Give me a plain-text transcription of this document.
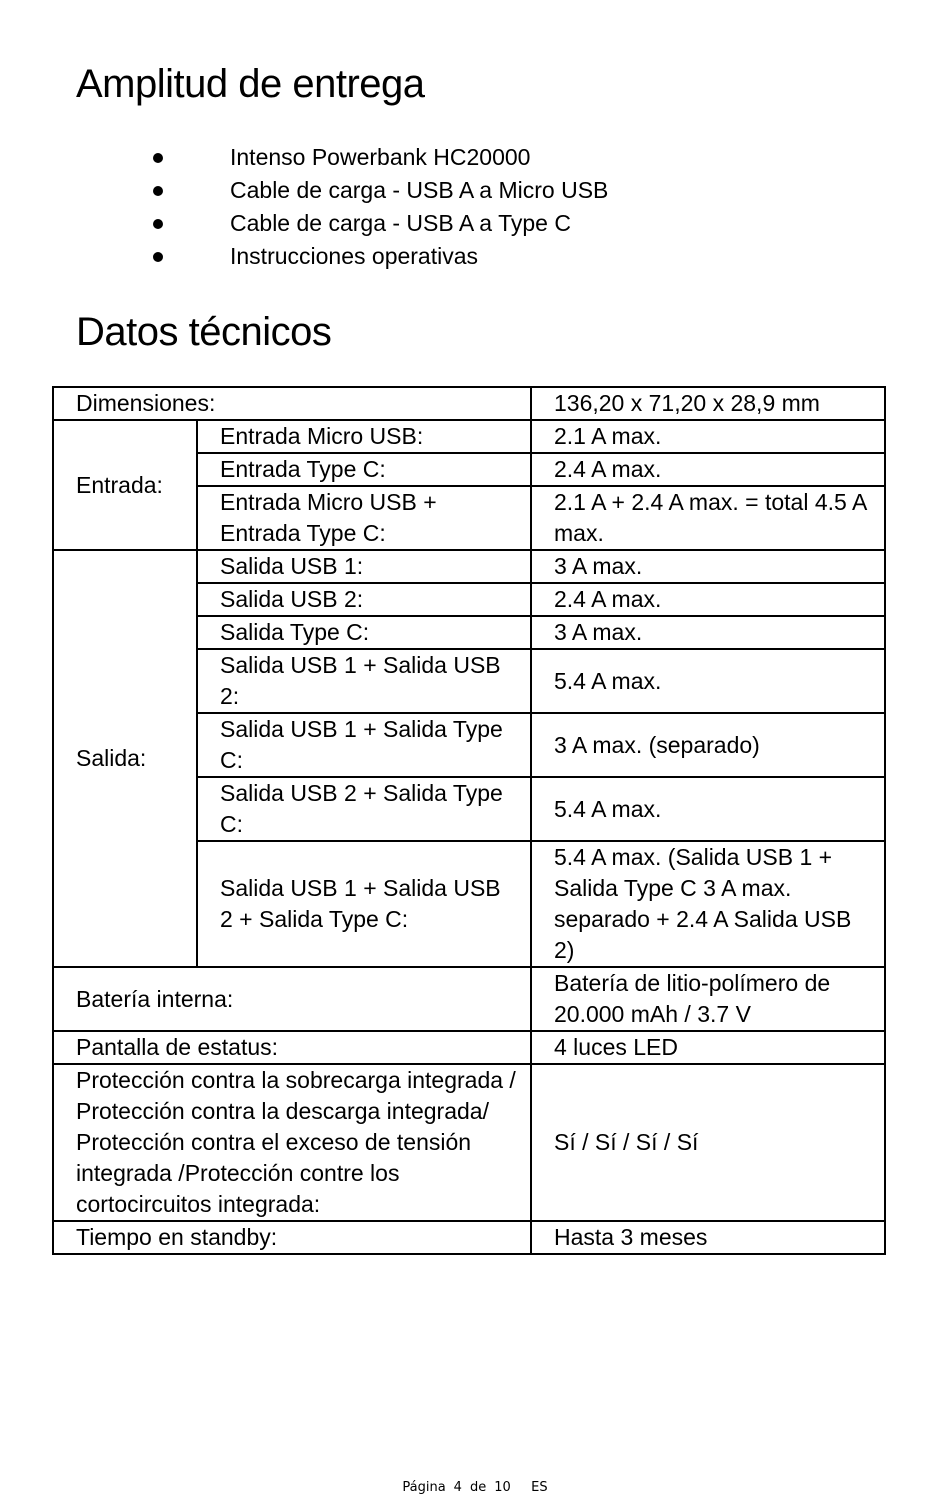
Amplitud de entrega
Intenso Powerbank HC20000
Cable de carga - USB A a Micro USB
Cable de carga - USB A a Type C
Instrucciones operativas
Datos técnicos
Dimensiones:		136,20 x 71,20 x 28,9 mm
Entrada:	Entrada Micro USB:	2.1 A max.
	Entrada Type C:	2.4 A max.
	Entrada Micro USB + Entrada Type C:	2.1 A + 2.4 A max. = total 4.5 A max.
Salida:	Salida USB 1:	3 A max.
	Salida USB 2:	2.4 A max.
	Salida Type C:	3 A max.
	Salida USB 1 + Salida USB 2:	5.4 A max.
	Salida USB 1 + Salida Type C:	3 A max. (separado)
	Salida USB 2 + Salida Type C:	5.4 A max.
	Salida USB 1 + Salida USB 2 + Salida Type C:	5.4 A max. (Salida USB 1 + Salida Type C 3 A max. separado + 2.4 A Salida USB 2)
Batería interna:		Batería de litio-polímero de 20.000 mAh / 3.7 V
Pantalla de estatus:		4 luces LED
Protección contra la sobrecarga integrada / Protección contra la descarga integrada/ Protección contra el exceso de tensión integrada /Protección contre los cortocircuitos integrada:		Sí / Sí / Sí / Sí
Tiempo en standby:		Hasta 3 meses
Página 4 de 10 ES
